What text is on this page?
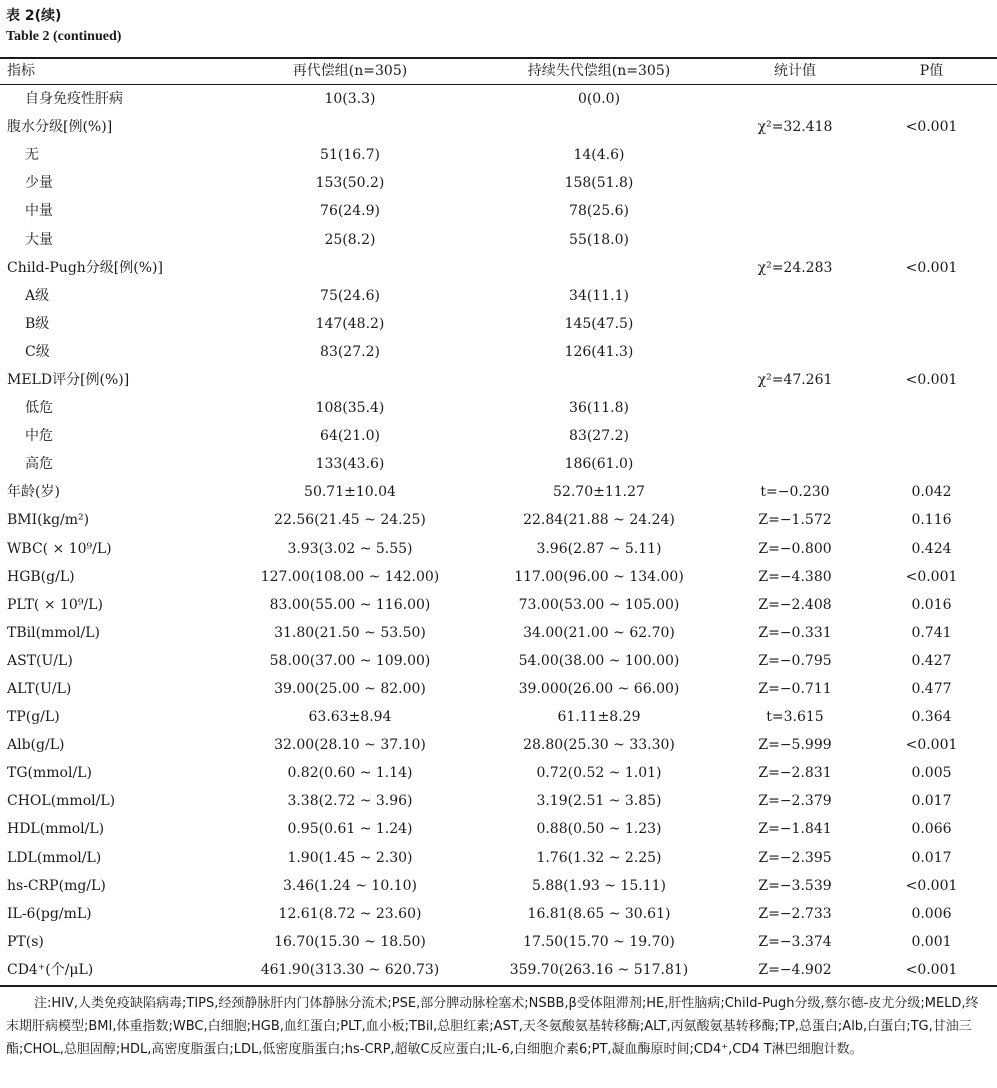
表 2(续)
Table 2 (continued)
指标	再代偿组(n=305)	持续失代偿组(n=305)	统计值	P值
自身免疫性肝病	10(3.3)	0(0.0)		
腹水分级[例(%)]			χ²=32.418	<0.001
无	51(16.7)	14(4.6)		
少量	153(50.2)	158(51.8)		
中量	76(24.9)	78(25.6)		
大量	25(8.2)	55(18.0)		
Child-Pugh分级[例(%)]			χ²=24.283	<0.001
A级	75(24.6)	34(11.1)		
B级	147(48.2)	145(47.5)		
C级	83(27.2)	126(41.3)		
MELD评分[例(%)]			χ²=47.261	<0.001
低危	108(35.4)	36(11.8)		
中危	64(21.0)	83(27.2)		
高危	133(43.6)	186(61.0)		
年龄(岁)	50.71±10.04	52.70±11.27	t=−0.230	0.042
BMI(kg/m²)	22.56(21.45 ~ 24.25)	22.84(21.88 ~ 24.24)	Z=−1.572	0.116
WBC( × 10⁹/L)	3.93(3.02 ~ 5.55)	3.96(2.87 ~ 5.11)	Z=−0.800	0.424
HGB(g/L)	127.00(108.00 ~ 142.00)	117.00(96.00 ~ 134.00)	Z=−4.380	<0.001
PLT( × 10⁹/L)	83.00(55.00 ~ 116.00)	73.00(53.00 ~ 105.00)	Z=−2.408	0.016
TBil(mmol/L)	31.80(21.50 ~ 53.50)	34.00(21.00 ~ 62.70)	Z=−0.331	0.741
AST(U/L)	58.00(37.00 ~ 109.00)	54.00(38.00 ~ 100.00)	Z=−0.795	0.427
ALT(U/L)	39.00(25.00 ~ 82.00)	39.000(26.00 ~ 66.00)	Z=−0.711	0.477
TP(g/L)	63.63±8.94	61.11±8.29	t=3.615	0.364
Alb(g/L)	32.00(28.10 ~ 37.10)	28.80(25.30 ~ 33.30)	Z=−5.999	<0.001
TG(mmol/L)	0.82(0.60 ~ 1.14)	0.72(0.52 ~ 1.01)	Z=−2.831	0.005
CHOL(mmol/L)	3.38(2.72 ~ 3.96)	3.19(2.51 ~ 3.85)	Z=−2.379	0.017
HDL(mmol/L)	0.95(0.61 ~ 1.24)	0.88(0.50 ~ 1.23)	Z=−1.841	0.066
LDL(mmol/L)	1.90(1.45 ~ 2.30)	1.76(1.32 ~ 2.25)	Z=−2.395	0.017
hs-CRP(mg/L)	3.46(1.24 ~ 10.10)	5.88(1.93 ~ 15.11)	Z=−3.539	<0.001
IL-6(pg/mL)	12.61(8.72 ~ 23.60)	16.81(8.65 ~ 30.61)	Z=−2.733	0.006
PT(s)	16.70(15.30 ~ 18.50)	17.50(15.70 ~ 19.70)	Z=−3.374	0.001
CD4⁺(个/μL)	461.90(313.30 ~ 620.73)	359.70(263.16 ~ 517.81)	Z=−4.902	<0.001

注:HIV,人类免疫缺陷病毒;TIPS,经颈静脉肝内门体静脉分流术;PSE,部分脾动脉栓塞术;NSBB,β受体阻滞剂;HE,肝性脑病;Child-Pugh分级,蔡尔德-皮尤分级;MELD,终末期肝病模型;BMI,体重指数;WBC,白细胞;HGB,血红蛋白;PLT,血小板;TBil,总胆红素;AST,天冬氨酸氨基转移酶;ALT,丙氨酸氨基转移酶;TP,总蛋白;Alb,白蛋白;TG,甘油三酯;CHOL,总胆固醇;HDL,高密度脂蛋白;LDL,低密度脂蛋白;hs-CRP,超敏C反应蛋白;IL-6,白细胞介素6;PT,凝血酶原时间;CD4⁺,CD4 T淋巴细胞计数。
